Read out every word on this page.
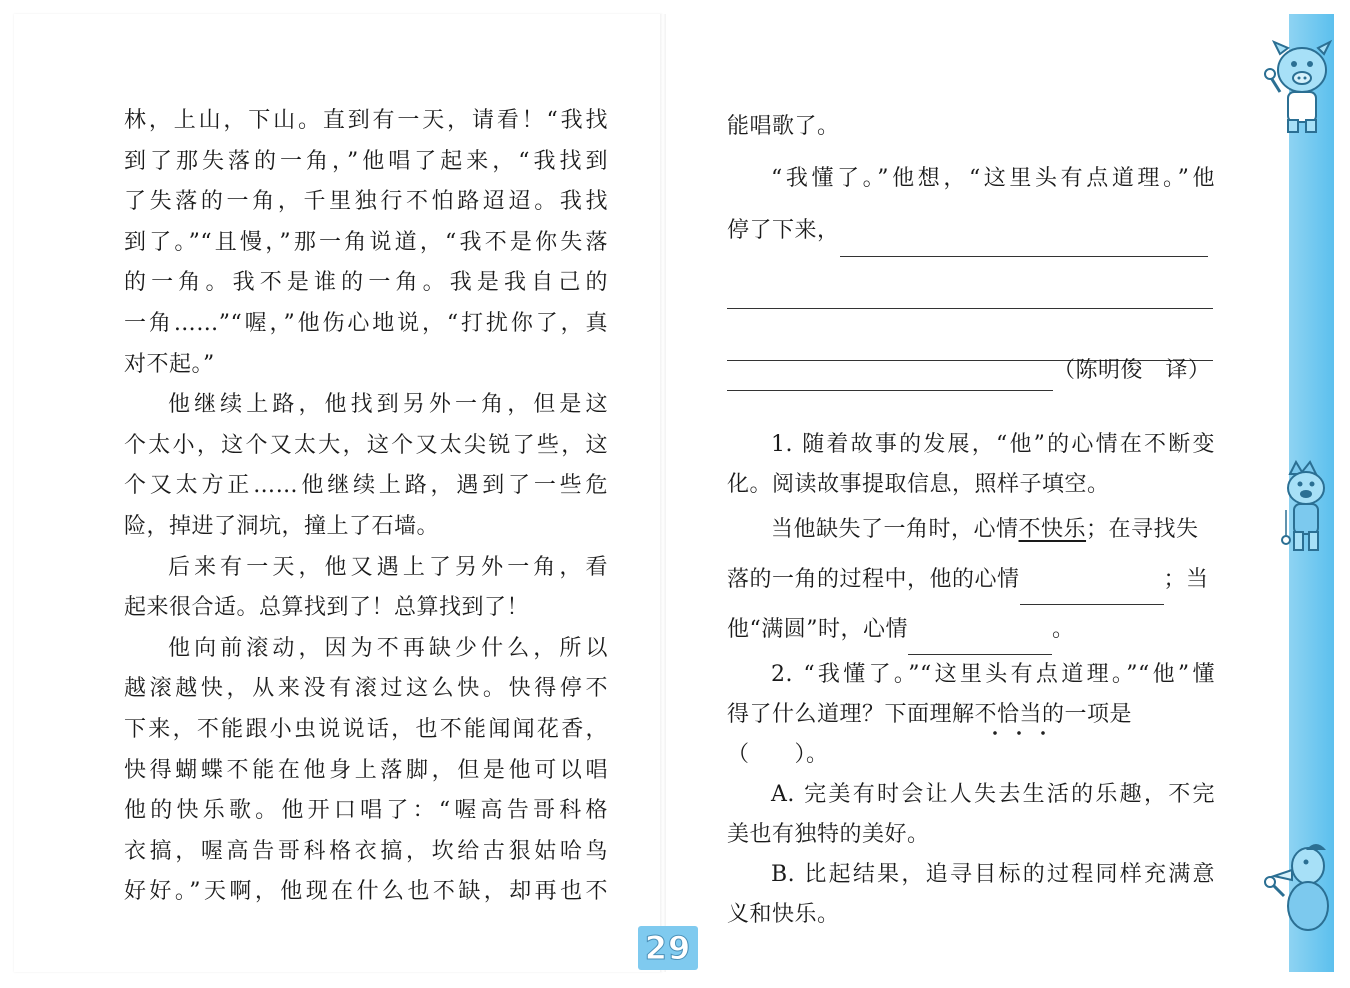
林，上山，下山。直到有一天，请看！“我找
到了那失落的一角，”他唱了起来，“我找到
了失落的一角，千里独行不怕路迢迢。我找
到了。”“且慢，”那一角说道，“我不是你失落
的一角。我不是谁的一角。我是我自己的
一角……”“喔，”他伤心地说，“打扰你了，真
对不起。”
他继续上路，他找到另外一角，但是这
个太小，这个又太大，这个又太尖锐了些，这
个又太方正……他继续上路，遇到了一些危
险，掉进了洞坑，撞上了石墙。
后来有一天，他又遇上了另外一角，看
起来很合适。总算找到了！总算找到了！
他向前滚动，因为不再缺少什么，所以
越滚越快，从来没有滚过这么快。快得停不
下来，不能跟小虫说说话，也不能闻闻花香，
快得蝴蝶不能在他身上落脚，但是他可以唱
他的快乐歌。他开口唱了：“喔高告哥科格
衣搞，喔高告哥科格衣搞，坎给古狠姑哈鸟
好好。”天啊，他现在什么也不缺，却再也不
能唱歌了。
“我懂了。”他想，“这里头有点道理。”他
停了下来，
（陈明俊　译）
1. 随着故事的发展，“他”的心情在不断变
化。阅读故事提取信息，照样子填空。
当他缺失了一角时，心情不快乐；在寻找失
落的一角的过程中，他的心情	；当
他“满圆”时，心情	。
2. “我懂了。”“这里头有点道理。”“他”懂
得了什么道理？下面理解不恰当的一项是
（　　）。
A. 完美有时会让人失去生活的乐趣，不完
美也有独特的美好。
B. 比起结果，追寻目标的过程同样充满意
义和快乐。
29
